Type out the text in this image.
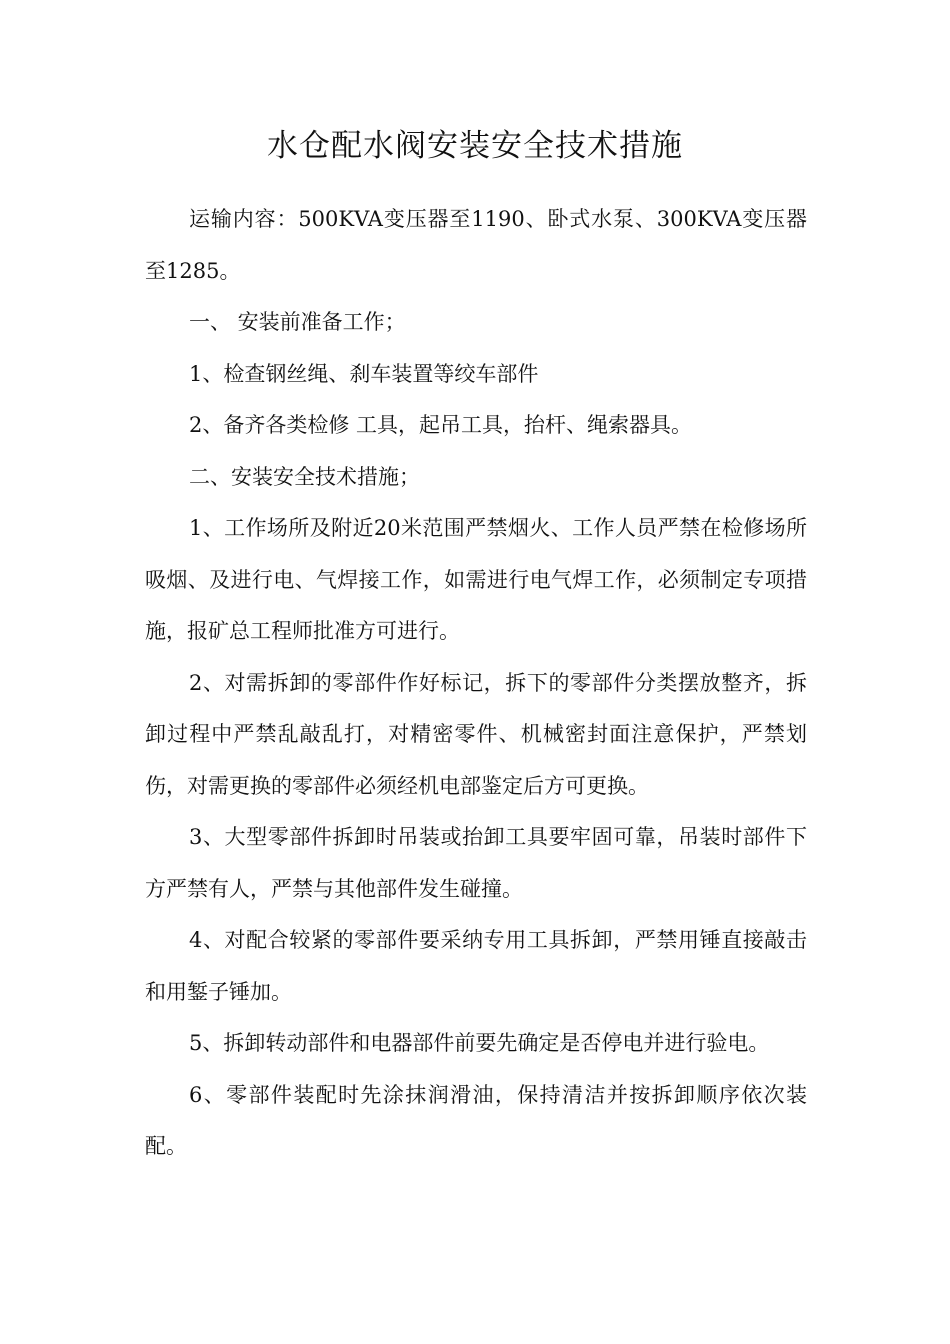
水仓配水阀安装安全技术措施

运输内容：500KVA变压器至1190、卧式水泵、300KVA变压器至1285。

一、 安装前准备工作；

1、检查钢丝绳、刹车装置等绞车部件

2、备齐各类检修 工具，起吊工具，抬杆、绳索器具。

二、安装安全技术措施；

1、工作场所及附近20米范围严禁烟火、工作人员严禁在检修场所吸烟、及进行电、气焊接工作，如需进行电气焊工作，必须制定专项措施，报矿总工程师批准方可进行。

2、对需拆卸的零部件作好标记，拆下的零部件分类摆放整齐，拆卸过程中严禁乱敲乱打，对精密零件、机械密封面注意保护，严禁划伤，对需更换的零部件必须经机电部鉴定后方可更换。

3、大型零部件拆卸时吊装或抬卸工具要牢固可靠，吊装时部件下方严禁有人，严禁与其他部件发生碰撞。

4、对配合较紧的零部件要采纳专用工具拆卸，严禁用锤直接敲击和用錾子锤加。

5、拆卸转动部件和电器部件前要先确定是否停电并进行验电。

6、零部件装配时先涂抹润滑油，保持清洁并按拆卸顺序依次装配。
